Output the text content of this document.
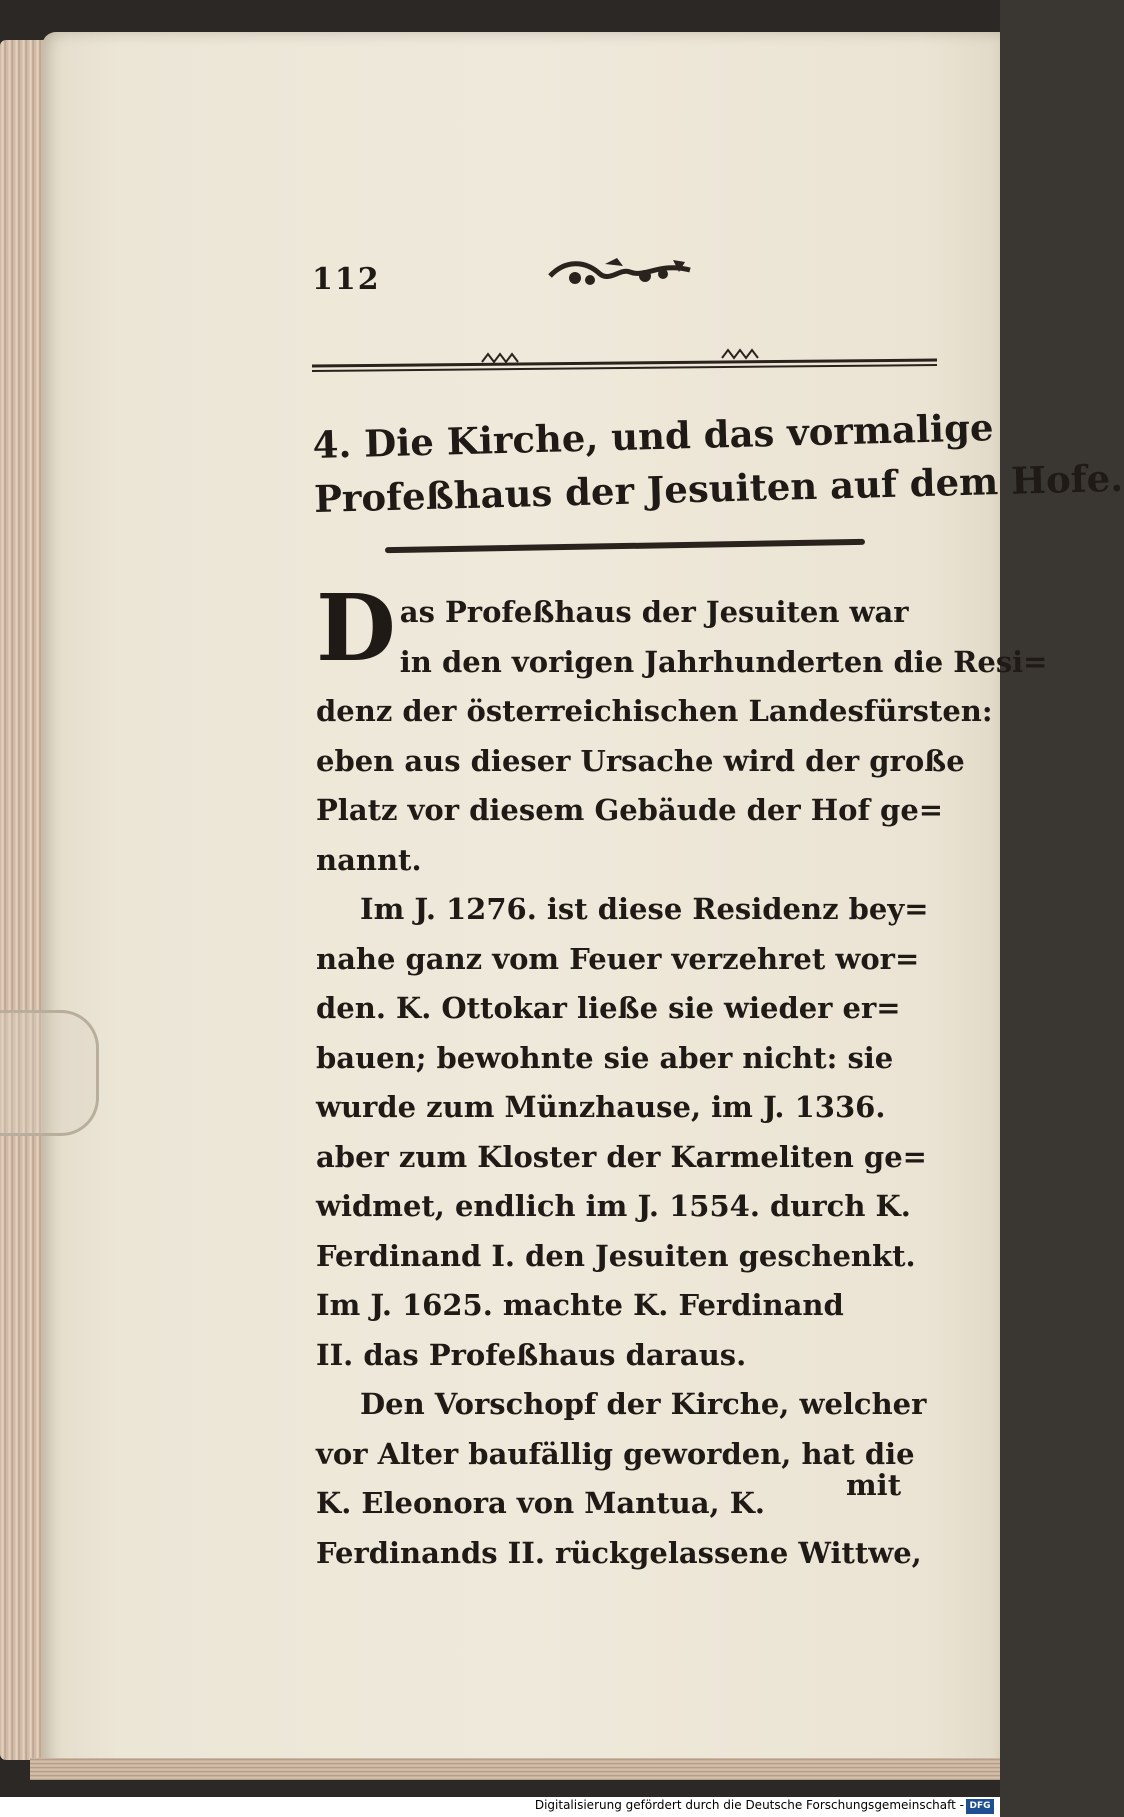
112
4. Die Kirche, und das vormalige
Profeßhaus der Jesuiten auf dem Hofe.
D as Profeßhaus der Jesuiten war
in den vorigen Jahrhunderten die Resi=
denz der österreichischen Landesfürsten:
eben aus dieser Ursache wird der große
Platz vor diesem Gebäude der Hof ge=
nannt.
Im J. 1276. ist diese Residenz bey=
nahe ganz vom Feuer verzehret wor=
den. K. Ottokar ließe sie wieder er=
bauen; bewohnte sie aber nicht: sie
wurde zum Münzhause, im J. 1336.
aber zum Kloster der Karmeliten ge=
widmet, endlich im J. 1554. durch K.
Ferdinand I. den Jesuiten geschenkt.
Im J. 1625. machte K. Ferdinand
II. das Profeßhaus daraus.
Den Vorschopf der Kirche, welcher
vor Alter baufällig geworden, hat die
K. Eleonora von Mantua, K.
Ferdinands II. rückgelassene Wittwe,
mit
Digitalisierung gefördert durch die Deutsche Forschungsgemeinschaft - DFG
